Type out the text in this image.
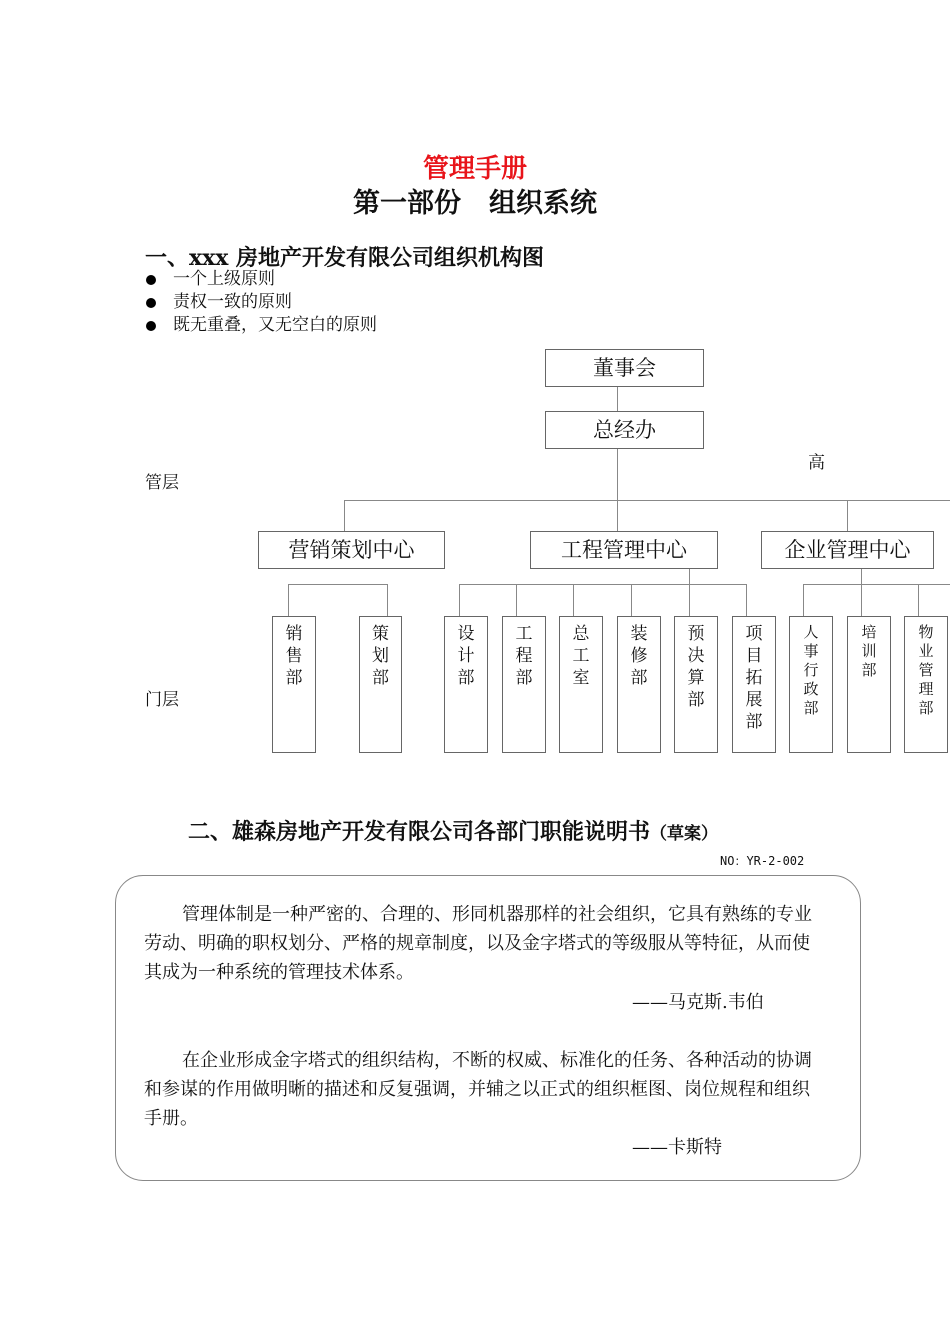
管理手册
第一部份 组织系统
一、xxx 房地产开发有限公司组织机构图
一个上级原则
责权一致的原则
既无重叠，又无空白的原则
董事会
总经办
高
管层
门层
营销策划中心	工程管理中心	企业管理中心
销售部
策划部
设计部
工程部
总工室
装修部
预决算部
项目拓展部
人事行政部
培训部
物业管理部
二、雄森房地产开发有限公司各部门职能说明书（草案）
NO：YR-2-002
管理体制是一种严密的、合理的、形同机器那样的社会组织，它具有熟练的专业劳动、明确的职权划分、严格的规章制度，以及金字塔式的等级服从等特征，从而使其成为一种系统的管理技术体系。
——马克斯.韦伯
在企业形成金字塔式的组织结构，不断的权威、标准化的任务、各种活动的协调和参谋的作用做明晰的描述和反复强调，并辅之以正式的组织框图、岗位规程和组织手册。
——卡斯特
